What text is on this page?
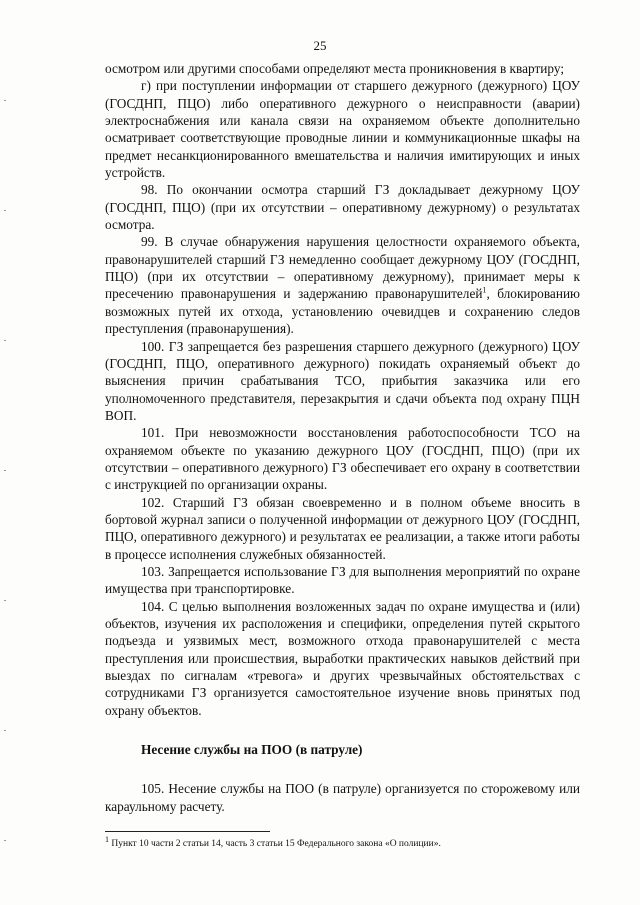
25

осмотром или другими способами определяют места проникновения в квартиру;

г) при поступлении информации от старшего дежурного (дежурного) ЦОУ (ГОСДНП, ПЦО) либо оперативного дежурного о неисправности (аварии) электроснабжения или канала связи на охраняемом объекте дополнительно осматривает соответствующие проводные линии и коммуникационные шкафы на предмет несанкционированного вмешательства и наличия имитирующих и иных устройств.

98. По окончании осмотра старший ГЗ докладывает дежурному ЦОУ (ГОСДНП, ПЦО) (при их отсутствии – оперативному дежурному) о результатах осмотра.

99. В случае обнаружения нарушения целостности охраняемого объекта, правонарушителей старший ГЗ немедленно сообщает дежурному ЦОУ (ГОСДНП, ПЦО) (при их отсутствии – оперативному дежурному), принимает меры к пресечению правонарушения и задержанию правонарушителей$^1$, блокированию возможных путей их отхода, установлению очевидцев и сохранению следов преступления (правонарушения).

100. ГЗ запрещается без разрешения старшего дежурного (дежурного) ЦОУ (ГОСДНП, ПЦО, оперативного дежурного) покидать охраняемый объект до выяснения причин срабатывания ТСО, прибытия заказчика или его уполномоченного представителя, перезакрытия и сдачи объекта под охрану ПЦН ВОП.

101. При невозможности восстановления работоспособности ТСО на охраняемом объекте по указанию дежурного ЦОУ (ГОСДНП, ПЦО) (при их отсутствии – оперативного дежурного) ГЗ обеспечивает его охрану в соответствии с инструкцией по организации охраны.

102. Старший ГЗ обязан своевременно и в полном объеме вносить в бортовой журнал записи о полученной информации от дежурного ЦОУ (ГОСДНП, ПЦО, оперативного дежурного) и результатах ее реализации, а также итоги работы в процессе исполнения служебных обязанностей.

103. Запрещается использование ГЗ для выполнения мероприятий по охране имущества при транспортировке.

104. С целью выполнения возложенных задач по охране имущества и (или) объектов, изучения их расположения и специфики, определения путей скрытого подъезда и уязвимых мест, возможного отхода правонарушителей с места преступления или происшествия, выработки практических навыков действий при выездах по сигналам «тревога» и других чрезвычайных обстоятельствах с сотрудниками ГЗ организуется самостоятельное изучение вновь принятых под охрану объектов.

Несение службы на ПОО (в патруле)

105. Несение службы на ПОО (в патруле) организуется по сторожевому или караульному расчету.

$^1$ Пункт 10 части 2 статьи 14, часть 3 статьи 15 Федерального закона «О полиции».
